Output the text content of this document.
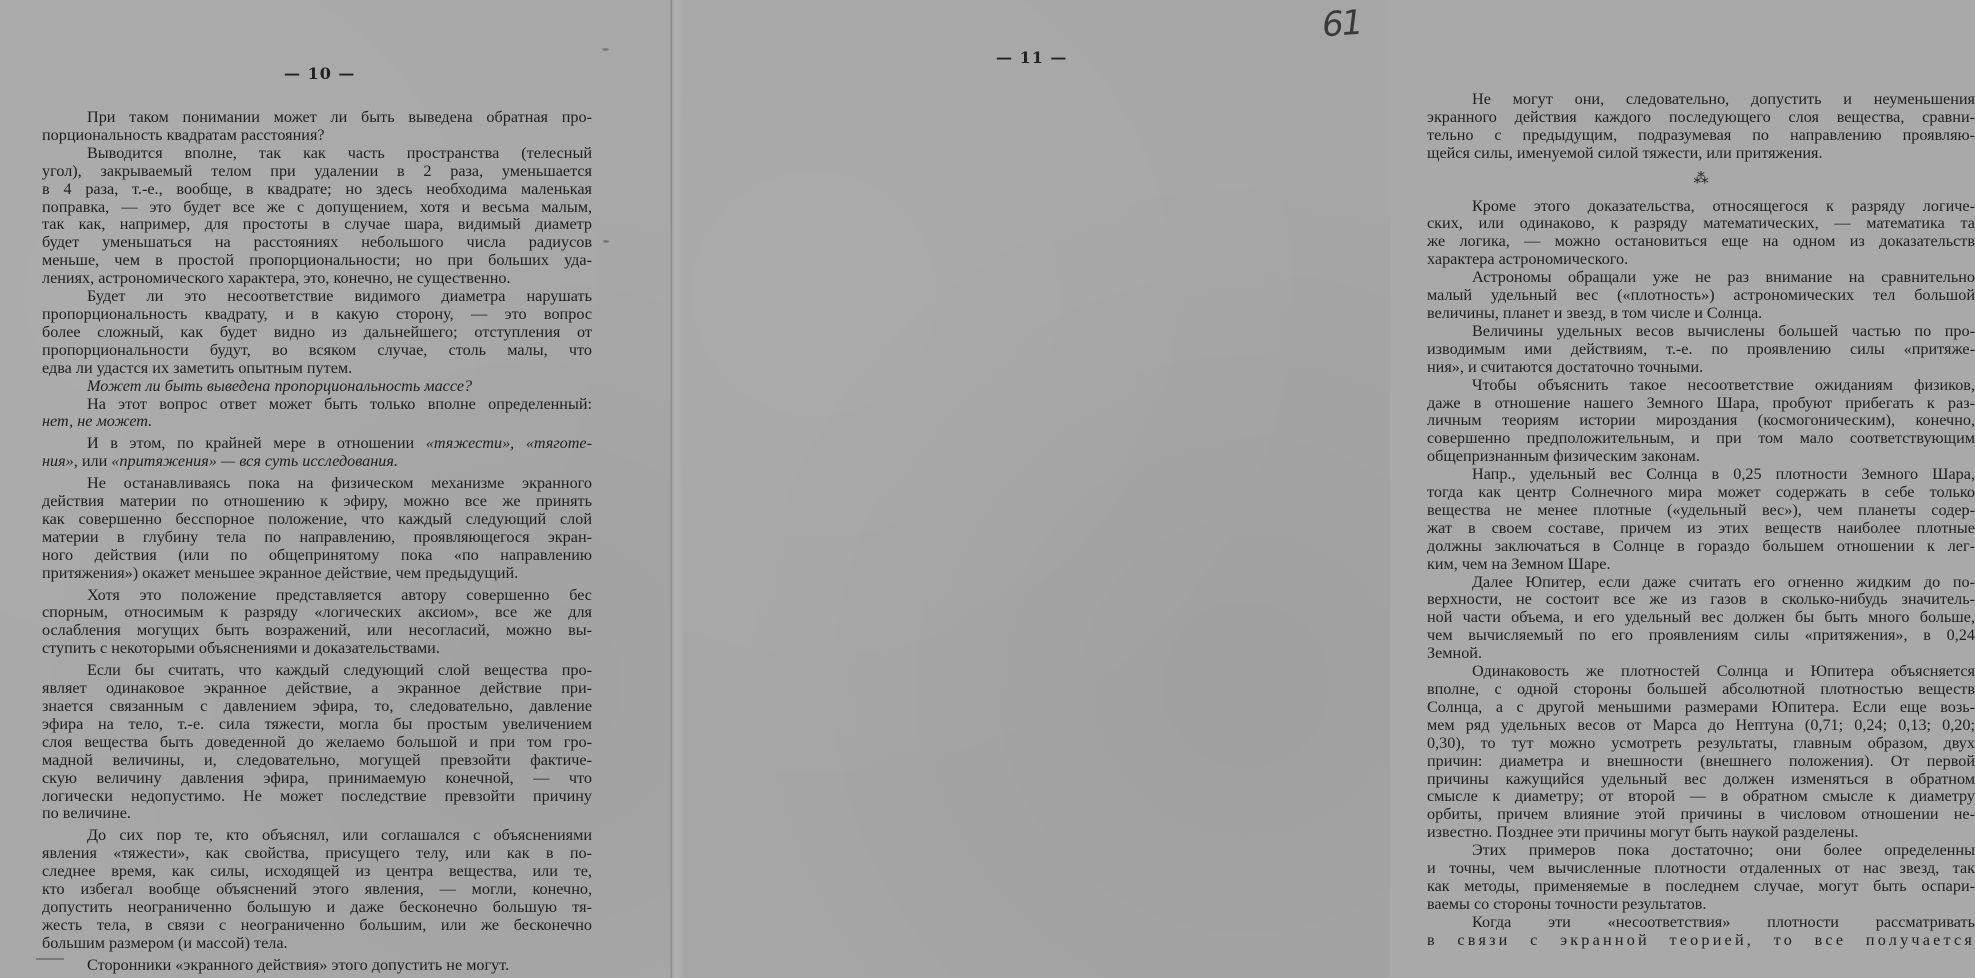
— 10 —
При таком понимании может ли быть выведена обратная про-
порциональность квадратам расстояния?
Выводится вполне, так как часть пространства (телесный
угол), закрываемый телом при удалении в 2 раза, уменьшается
в 4 раза, т.-е., вообще, в квадрате; но здесь необходима маленькая
поправка, — это будет все же с допущением, хотя и весьма малым,
так как, например, для простоты в случае шара, видимый диаметр
будет уменьшаться на расстояниях небольшого числа радиусов
меньше, чем в простой пропорциональности; но при больших уда-
лениях, астрономического характера, это, конечно, не существенно.
Будет ли это несоответствие видимого диаметра нарушать
пропорциональность квадрату, и в какую сторону, — это вопрос
более сложный, как будет видно из дальнейшего; отступления от
пропорциональности будут, во всяком случае, столь малы, что
едва ли удастся их заметить опытным путем.
Может ли быть выведена пропорциональность массе?
На этот вопрос ответ может быть только вполне определенный:
нет, не может.
И в этом, по крайней мере в отношении «тяжести», «тяготе-
ния», или «притяжения» — вся суть исследования.
Не останавливаясь пока на физическом механизме экранного
действия материи по отношению к эфиру, можно все же принять
как совершенно бесспорное положение, что каждый следующий слой
материи в глубину тела по направлению, проявляющегося экран-
ного действия (или по общепринятому пока «по направлению
притяжения») окажет меньшее экранное действие, чем предыдущий.
Хотя это положение представляется автору совершенно бес
спорным, относимым к разряду «логических аксиом», все же для
ослабления могущих быть возражений, или несогласий, можно вы-
ступить с некоторыми объяснениями и доказательствами.
Если бы считать, что каждый следующий слой вещества про-
являет одинаковое экранное действие, а экранное действие при-
знается связанным с давлением эфира, то, следовательно, давление
эфира на тело, т.-е. сила тяжести, могла бы простым увеличением
слоя вещества быть доведенной до желаемо большой и при том гро-
мадной величины, и, следовательно, могущей превзойти фактиче-
скую величину давления эфира, принимаемую конечной, — что
логически недопустимо. Не может последствие превзойти причину
по величине.
До сих пор те, кто объяснял, или соглашался с объяснениями
явления «тяжести», как свойства, присущего телу, или как в по-
следнее время, как силы, исходящей из центра вещества, или те,
кто избегал вообще объяснений этого явления, — могли, конечно,
допустить неограниченно большую и даже бесконечно большую тя-
жесть тела, в связи с неограниченно большим, или же бесконечно
большим размером (и массой) тела.
Сторонники «экранного действия» этого допустить не могут.
Не могут они, следовательно, допустить и неуменьшения
экранного действия каждого последующего слоя вещества, сравни-
тельно с предыдущим, подразумевая по направлению проявляю-
щейся силы, именуемой силой тяжести, или притяжения.
⁂
Кроме этого доказательства, относящегося к разряду логиче-
ских, или одинаково, к разряду математических, — математика та
же логика, — можно остановиться еще на одном из доказательств
характера астрономического.
Астрономы обращали уже не раз внимание на сравнительно
малый удельный вес («плотность») астрономических тел большой
величины, планет и звезд, в том числе и Солнца.
Величины удельных весов вычислены большей частью по про-
изводимым ими действиям, т.-е. по проявлению силы «притяже-
ния», и считаются достаточно точными.
Чтобы объяснить такое несоответствие ожиданиям физиков,
даже в отношение нашего Земного Шара, пробуют прибегать к раз-
личным теориям истории мироздания (космогоническим), конечно,
совершенно предположительным, и при том мало соответствующим
общепризнанным физическим законам.
Напр., удельный вес Солнца в 0,25 плотности Земного Шара,
тогда как центр Солнечного мира может содержать в себе только
вещества не менее плотные («удельный вес»), чем планеты содер-
жат в своем составе, причем из этих веществ наиболее плотные
должны заключаться в Солнце в гораздо большем отношении к лег-
ким, чем на Земном Шаре.
Далее Юпитер, если даже считать его огненно жидким до по-
верхности, не состоит все же из газов в сколько-нибудь значитель-
ной части объема, и его удельный вес должен бы быть много больше,
чем вычисляемый по его проявлениям силы «притяжения», в 0,24
Земной.
Одинаковость же плотностей Солнца и Юпитера объясняется
вполне, с одной стороны большей абсолютной плотностью веществ
Солнца, а с другой меньшими размерами Юпитера. Если еще возь-
мем ряд удельных весов от Марса до Нептуна (0,71; 0,24; 0,13; 0,20;
0,30), то тут можно усмотреть результаты, главным образом, двух
причин: диаметра и внешности (внешнего положения). От первой
причины кажущийся удельный вес должен изменяться в обратном
смысле к диаметру; от второй — в обратном смысле к диаметру
орбиты, причем влияние этой причины в числовом отношении не-
известно. Позднее эти причины могут быть наукой разделены.
Этих примеров пока достаточно; они более определенны
и точны, чем вычисленные плотности отдаленных от нас звезд, так
как методы, применяемые в последнем случае, могут быть оспари-
ваемы со стороны точности результатов.
Когда эти «несоответствия» плотности рассматривать
в связи с экранной теорией, то все получается
— 11 —
61
